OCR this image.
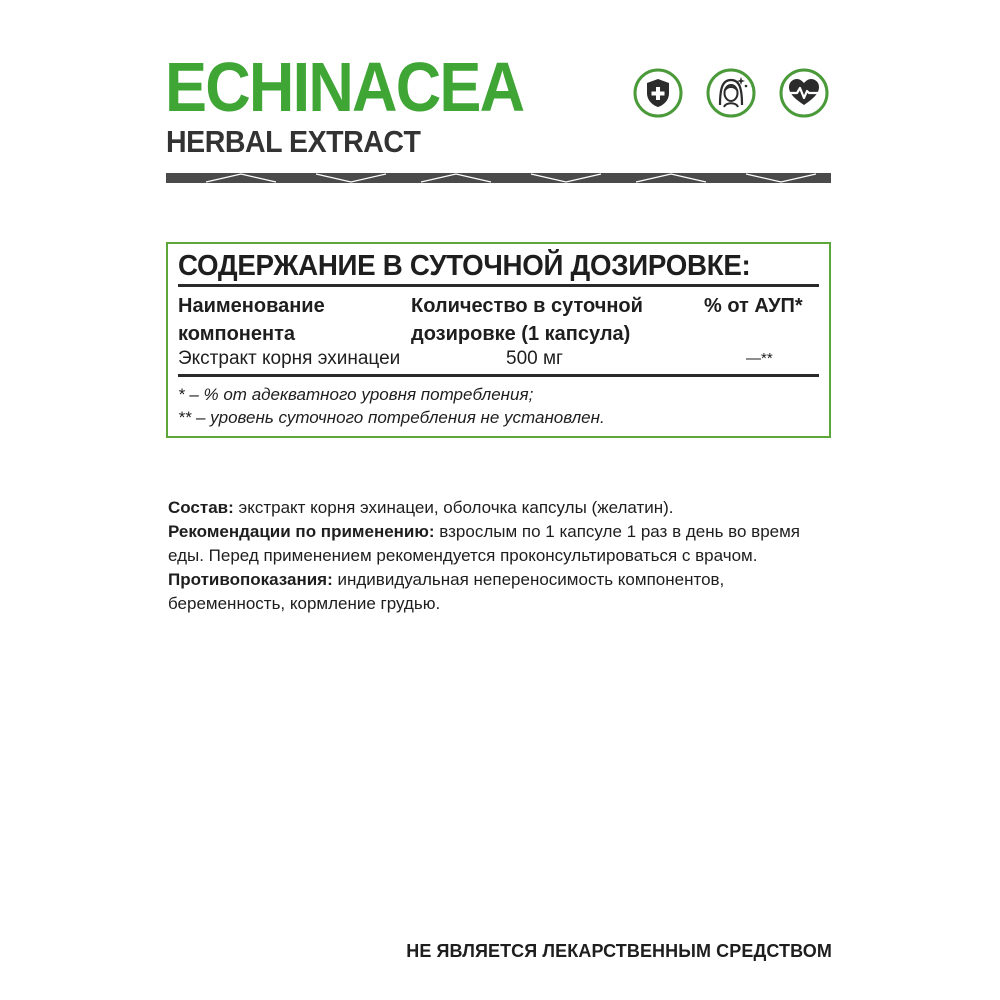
ECHINACEA
HERBAL EXTRACT
СОДЕРЖАНИЕ В СУТОЧНОЙ ДОЗИРОВКЕ:
Наименование
компонента
Количество в суточной
дозировке (1 капсула)
% от АУП*
Экстракт корня эхинацеи	500 мг	—**
* – % от адекватного уровня потребления;
** – уровень суточного потребления не установлен.

Состав: экстракт корня эхинацеи, оболочка капсулы (желатин).

Рекомендации по применению: взрослым по 1 капсуле 1 раз в день во время еды. Перед применением рекомендуется проконсультироваться с врачом.

Противопоказания: индивидуальная непереносимость компонентов, беременность, кормление грудью.

НЕ ЯВЛЯЕТСЯ ЛЕКАРСТВЕННЫМ СРЕДСТВОМ
